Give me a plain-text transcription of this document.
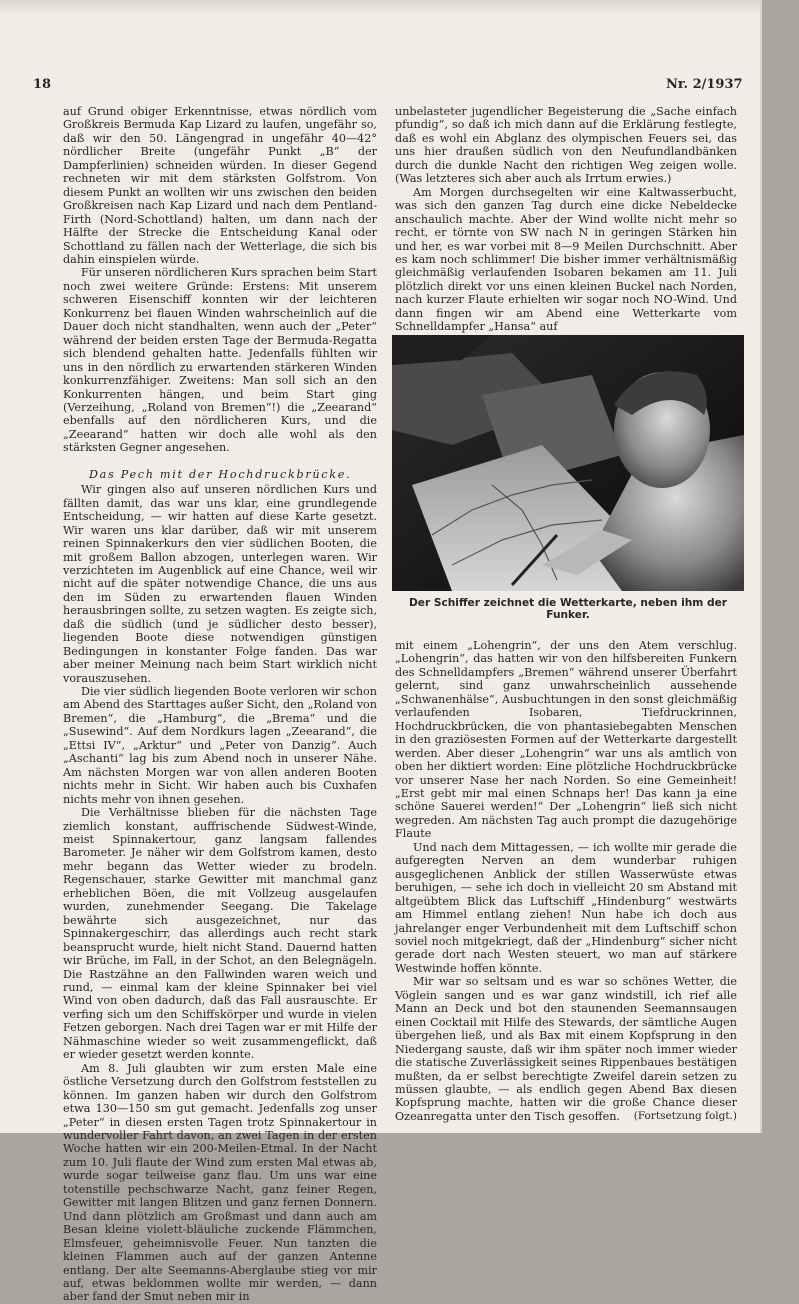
18	Nr. 2/1937

auf Grund obiger Erkenntnisse, etwas nördlich vom Großkreis Bermuda Kap Lizard zu laufen, ungefähr so, daß wir den 50. Längengrad in ungefähr 40—42° nördlicher Breite (ungefähr Punkt „B“ der Dampferlinien) schneiden würden. In dieser Gegend rechneten wir mit dem stärksten Golfstrom. Von diesem Punkt an wollten wir uns zwischen den beiden Großkreisen nach Kap Lizard und nach dem Pentland-Firth (Nord-Schottland) halten, um dann nach der Hälfte der Strecke die Entscheidung Kanal oder Schottland zu fällen nach der Wetterlage, die sich bis dahin einspielen würde.

Für unseren nördlicheren Kurs sprachen beim Start noch zwei weitere Gründe: Erstens: Mit unserem schweren Eisenschiff konnten wir der leichteren Konkurrenz bei flauen Winden wahrscheinlich auf die Dauer doch nicht standhalten, wenn auch der „Peter“ während der beiden ersten Tage der Bermuda-Regatta sich blendend gehalten hatte. Jedenfalls fühlten wir uns in den nördlich zu erwartenden stärkeren Winden konkurrenzfähiger. Zweitens: Man soll sich an den Konkurrenten hängen, und beim Start ging (Verzeihung, „Roland von Bremen“!) die „Zeearand“ ebenfalls auf den nördlicheren Kurs, und die „Zeearand“ hatten wir doch alle wohl als den stärksten Gegner angesehen.

Das Pech mit der Hochdruckbrücke.

Wir gingen also auf unseren nördlichen Kurs und fällten damit, das war uns klar, eine grundlegende Entscheidung, — wir hatten auf diese Karte gesetzt. Wir waren uns klar darüber, daß wir mit unserem reinen Spinnakerkurs den vier südlichen Booten, die mit großem Ballon abzogen, unterlegen waren. Wir verzichteten im Augenblick auf eine Chance, weil wir nicht auf die später notwendige Chance, die uns aus den im Süden zu erwartenden flauen Winden herausbringen sollte, zu setzen wagten. Es zeigte sich, daß die südlich (und je südlicher desto besser), liegenden Boote diese notwendigen günstigen Bedingungen in konstanter Folge fanden. Das war aber meiner Meinung nach beim Start wirklich nicht vorauszusehen.

Die vier südlich liegenden Boote verloren wir schon am Abend des Starttages außer Sicht, den „Roland von Bremen“, die „Hamburg“, die „Brema“ und die „Susewind“. Auf dem Nordkurs lagen „Zeearand“, die „Ettsi IV“, „Arktur“ und „Peter von Danzig“. Auch „Aschanti“ lag bis zum Abend noch in unserer Nähe. Am nächsten Morgen war von allen anderen Booten nichts mehr in Sicht. Wir haben auch bis Cuxhafen nichts mehr von ihnen gesehen.

Die Verhältnisse blieben für die nächsten Tage ziemlich konstant, auffrischende Südwest-Winde, meist Spinnakertour, ganz langsam fallendes Barometer. Je näher wir dem Golfstrom kamen, desto mehr begann das Wetter wieder zu brodeln. Regenschauer, starke Gewitter mit manchmal ganz erheblichen Böen, die mit Vollzeug ausgelaufen wurden, zunehmender Seegang. Die Takelage bewährte sich ausgezeichnet, nur das Spinnakergeschirr, das allerdings auch recht stark beansprucht wurde, hielt nicht Stand. Dauernd hatten wir Brüche, im Fall, in der Schot, an den Belegnägeln. Die Rastzähne an den Fallwinden waren weich und rund, — einmal kam der kleine Spinnaker bei viel Wind von oben dadurch, daß das Fall ausrauschte. Er verfing sich um den Schiffskörper und wurde in vielen Fetzen geborgen. Nach drei Tagen war er mit Hilfe der Nähmaschine wieder so weit zusammengeflickt, daß er wieder gesetzt werden konnte.

Am 8. Juli glaubten wir zum ersten Male eine östliche Versetzung durch den Golfstrom feststellen zu können. Im ganzen haben wir durch den Golfstrom etwa 130—150 sm gut gemacht. Jedenfalls zog unser „Peter“ in diesen ersten Tagen trotz Spinnakertour in wundervoller Fahrt davon, an zwei Tagen in der ersten Woche hatten wir ein 200-Meilen-Etmal. In der Nacht zum 10. Juli flaute der Wind zum ersten Mal etwas ab, wurde sogar teilweise ganz flau. Um uns war eine totenstille pechschwarze Nacht, ganz feiner Regen, Gewitter mit langen Blitzen und ganz fernen Donnern. Und dann plötzlich am Großmast und dann auch am Besan kleine violett-bläuliche zuckende Flämmchen, Elmsfeuer, geheimnisvolle Feuer. Nun tanzten die kleinen Flammen auch auf der ganzen Antenne entlang. Der alte Seemanns-Aberglaube stieg vor mir auf, etwas beklommen wollte mir werden, — dann aber fand der Smut neben mir in

unbelasteter jugendlicher Begeisterung die „Sache einfach pfundig“, so daß ich mich dann auf die Erklärung festlegte, daß es wohl ein Abglanz des olympischen Feuers sei, das uns hier draußen südlich von den Neufundlandbänken durch die dunkle Nacht den richtigen Weg zeigen wolle. (Was letzteres sich aber auch als Irrtum erwies.)

Am Morgen durchsegelten wir eine Kaltwasserbucht, was sich den ganzen Tag durch eine dicke Nebeldecke anschaulich machte. Aber der Wind wollte nicht mehr so recht, er törnte von SW nach N in geringen Stärken hin und her, es war vorbei mit 8—9 Meilen Durchschnitt. Aber es kam noch schlimmer! Die bisher immer verhältnismäßig gleichmäßig verlaufenden Isobaren bekamen am 11. Juli plötzlich direkt vor uns einen kleinen Buckel nach Norden, nach kurzer Flaute erhielten wir sogar noch NO-Wind. Und dann fingen wir am Abend eine Wetterkarte vom Schnelldampfer „Hansa“ auf

Der Schiffer zeichnet die Wetterkarte, neben ihm der Funker.

mit einem „Lohengrin“, der uns den Atem verschlug. „Lohengrin“, das hatten wir von den hilfsbereiten Funkern des Schnelldampfers „Bremen“ während unserer Überfahrt gelernt, sind ganz unwahrscheinlich aussehende „Schwanenhälse“, Ausbuchtungen in den sonst gleichmäßig verlaufenden Isobaren, Tiefdruckrinnen, Hochdruckbrücken, die von phantasiebegabten Menschen in den graziösesten Formen auf der Wetterkarte dargestellt werden. Aber dieser „Lohengrin“ war uns als amtlich von oben her diktiert worden: Eine plötzliche Hochdruckbrücke vor unserer Nase her nach Norden. So eine Gemeinheit! „Erst gebt mir mal einen Schnaps her! Das kann ja eine schöne Sauerei werden!“ Der „Lohengrin“ ließ sich nicht wegreden. Am nächsten Tag auch prompt die dazugehörige Flaute

Und nach dem Mittagessen, — ich wollte mir gerade die aufgeregten Nerven an dem wunderbar ruhigen ausgeglichenen Anblick der stillen Wasserwüste etwas beruhigen, — sehe ich doch in vielleicht 20 sm Abstand mit altgeübtem Blick das Luftschiff „Hindenburg“ westwärts am Himmel entlang ziehen! Nun habe ich doch aus jahrelanger enger Verbundenheit mit dem Luftschiff schon soviel noch mitgekriegt, daß der „Hindenburg“ sicher nicht gerade dort nach Westen steuert, wo man auf stärkere Westwinde hoffen könnte.

Mir war so seltsam und es war so schönes Wetter, die Vöglein sangen und es war ganz windstill, ich rief alle Mann an Deck und bot den staunenden Seemannsaugen einen Cocktail mit Hilfe des Stewards, der sämtliche Augen übergehen ließ, und als Bax mit einem Kopfsprung in den Niedergang sauste, daß wir ihm später noch immer wieder die statische Zuverlässigkeit seines Rippenbaues bestätigen mußten, da er selbst berechtigte Zweifel darein setzen zu müssen glaubte, — als endlich gegen Abend Bax diesen Kopfsprung machte, hatten wir die große Chance dieser Ozeanregatta unter den Tisch gesoffen.	(Fortsetzung folgt.)
